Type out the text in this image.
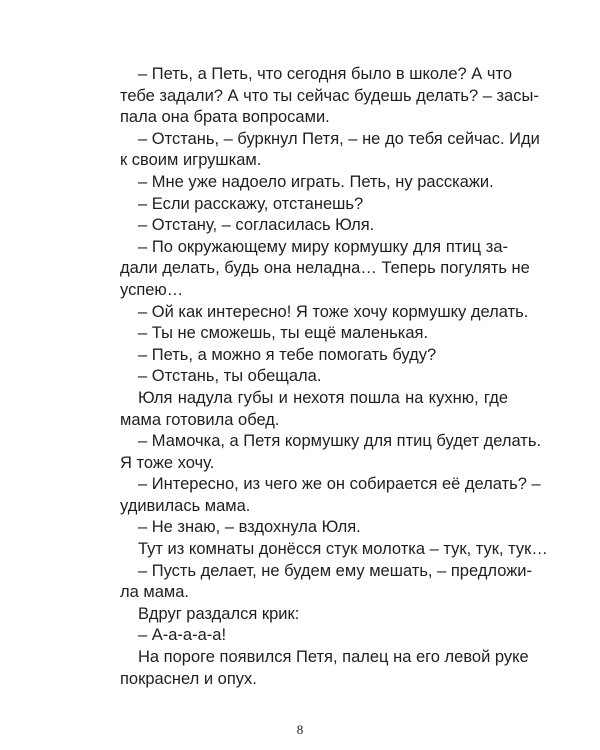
– Петь, а Петь, что сегодня было в школе? А что
тебе задали? А что ты сейчас будешь делать? – засы-
пала она брата вопросами.
– Отстань, – буркнул Петя, – не до тебя сейчас. Иди
к своим игрушкам.
– Мне уже надоело играть. Петь, ну расскажи.
– Если расскажу, отстанешь?
– Отстану, – согласилась Юля.
– По окружающему миру кормушку для птиц за-
дали делать, будь она неладна… Теперь погулять не
успею…
– Ой как интересно! Я тоже хочу кормушку делать.
– Ты не сможешь, ты ещё маленькая.
– Петь, а можно я тебе помогать буду?
– Отстань, ты обещала.
Юля надула губы и нехотя пошла на кухню, где
мама готовила обед.
– Мамочка, а Петя кормушку для птиц будет делать.
Я тоже хочу.
– Интересно, из чего же он собирается её делать? –
удивилась мама.
– Не знаю, – вздохнула Юля.
Тут из комнаты донёсся стук молотка – тук, тук, тук…
– Пусть делает, не будем ему мешать, – предложи-
ла мама.
Вдруг раздался крик:
– А-а-а-а-а!
На пороге появился Петя, палец на его левой руке
покраснел и опух.
8
